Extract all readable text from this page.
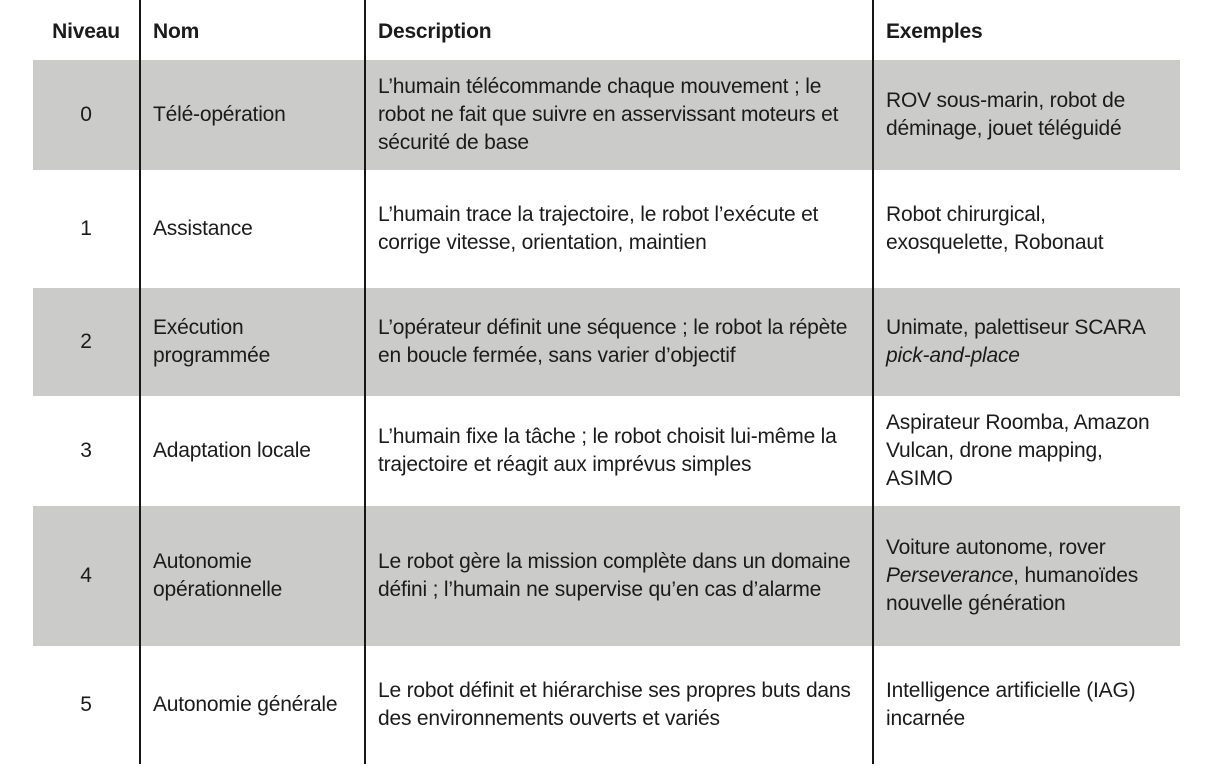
Niveau	Nom	Description	Exemples
0	Télé-opération	L’humain télécommande chaque mouvement ; le robot ne fait que suivre en asservissant moteurs et sécurité de base	ROV sous-marin, robot de déminage, jouet téléguidé
1	Assistance	L’humain trace la trajectoire, le robot l’exécute et corrige vitesse, orientation, maintien	Robot chirurgical, exosquelette, Robonaut
2	Exécution programmée	L’opérateur définit une séquence ; le robot la répète en boucle fermée, sans varier d’objectif	Unimate, palettiseur SCARA pick-and-place
3	Adaptation locale	L’humain fixe la tâche ; le robot choisit lui-même la trajectoire et réagit aux imprévus simples	Aspirateur Roomba, Amazon Vulcan, drone mapping, ASIMO
4	Autonomie opérationnelle	Le robot gère la mission complète dans un domaine défini ; l’humain ne supervise qu’en cas d’alarme	Voiture autonome, rover Perseverance, humanoïdes nouvelle génération
5	Autonomie générale	Le robot définit et hiérarchise ses propres buts dans des environnements ouverts et variés	Intelligence artificielle (IAG) incarnée
